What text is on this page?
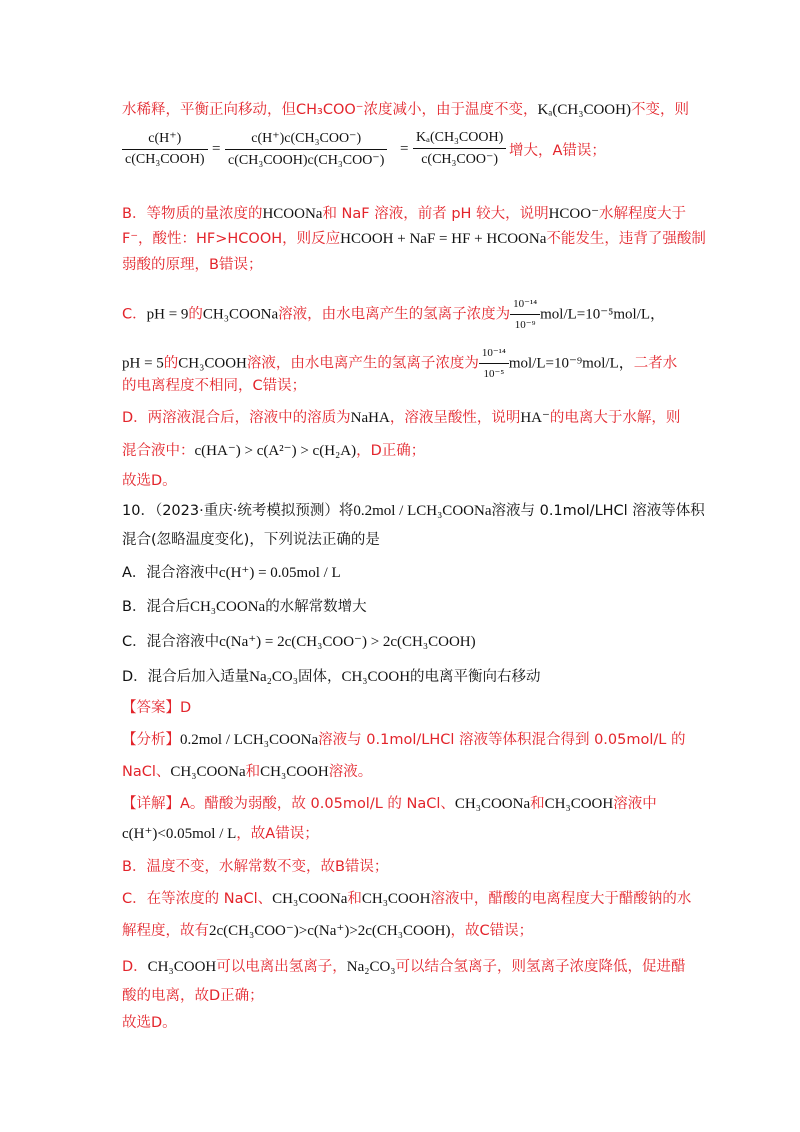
水稀释，平衡正向移动，但CH₃COO⁻浓度减小，由于温度不变，Kₐ(CH₃COOH)不变，则
c(H⁺)
c(CH₃COOH)
=
c(H⁺)c(CH₃COO⁻)
c(CH₃COOH)c(CH₃COO⁻)
=
Kₐ(CH₃COOH)
c(CH₃COO⁻)
增大，A错误；
B．等物质的量浓度的HCOONa和 NaF 溶液，前者 pH 较大，说明HCOO⁻水解程度大于
F⁻，酸性：HF>HCOOH，则反应HCOOH + NaF = HF + HCOONa不能发生，违背了强酸制
弱酸的原理，B错误；
C．pH = 9的CH₃COONa溶液，由水电离产生的氢离子浓度为 $\frac{\text{10⁻¹⁴}}{\text{10⁻⁹}} mol/L=10^{-5}mol/L$，
pH = 5的CH₃COOH溶液，由水电离产生的氢离子浓度为 $\frac{\text{10⁻¹⁴}}{\text{10⁻⁵}} mol/L=10^{-9}mol/L$，二者水
的电离程度不相同，C错误；
D．两溶液混合后，溶液中的溶质为NaHA，溶液呈酸性，说明HA⁻的电离大于水解，则
混合液中：c(HA⁻) > c(A²⁻) > c(H₂A)，D正确；
故选D。
10．（2023·重庆·统考模拟预测）将0.2mol / LCH₃COONa溶液与 0.1mol/LHCl 溶液等体积
混合(忽略温度变化)，下列说法正确的是
A．混合溶液中c(H⁺) = 0.05mol / L
B．混合后CH₃COONa的水解常数增大
C．混合溶液中c(Na⁺) = 2c(CH₃COO⁻) > 2c(CH₃COOH)
D．混合后加入适量Na₂CO₃固体，CH₃COOH的电离平衡向右移动
【答案】D
【分析】0.2mol / LCH₃COONa溶液与 0.1mol/LHCl 溶液等体积混合得到 0.05mol/L 的
NaCl、CH₃COONa和CH₃COOH溶液。
【详解】A。醋酸为弱酸，故 0.05mol/L 的 NaCl、CH₃COONa和CH₃COOH溶液中
c(H⁺)<0.05mol / L，故A错误；
B．温度不变，水解常数不变，故B错误；
C．在等浓度的 NaCl、CH₃COONa和CH₃COOH溶液中，醋酸的电离程度大于醋酸钠的水
解程度，故有2c(CH₃COO⁻)>c(Na⁺)>2c(CH₃COOH)，故C错误；
D．CH₃COOH可以电离出氢离子，Na₂CO₃可以结合氢离子，则氢离子浓度降低，促进醋
酸的电离，故D正确；
故选D。
